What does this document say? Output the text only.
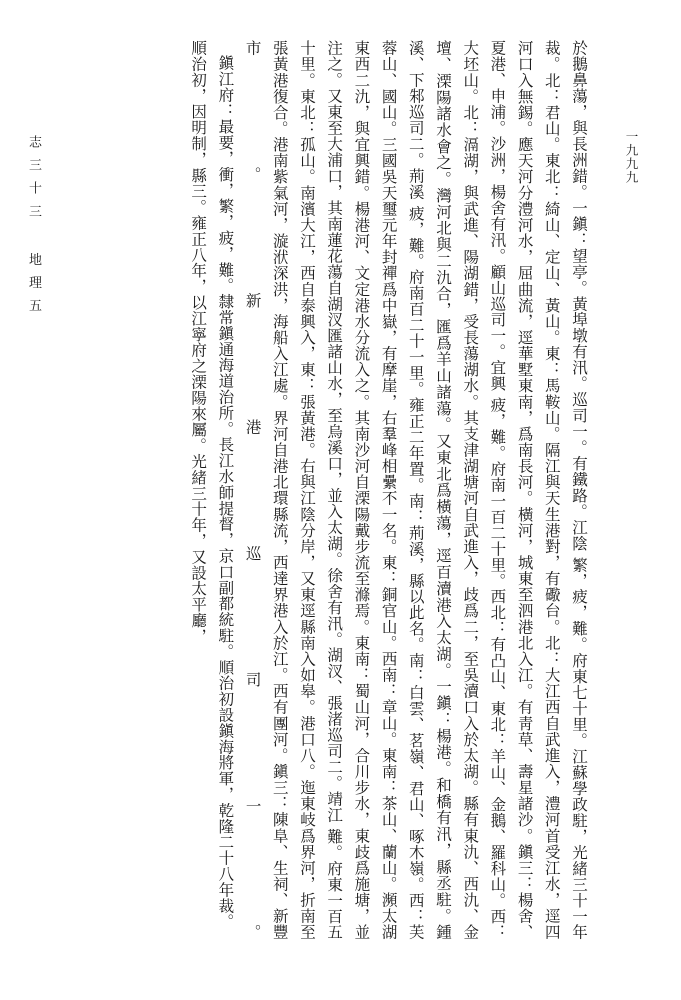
一九九九

於鵝鼻蕩，與長洲錯。一鎭：望亭。黃埠墩有汛。巡司一。有鐵路。江陰 繁，疲，難。府東七十里。江蘇學政駐，光緒三十一年裁。北：君山。東北：綺山、定山、黃山。東：馬鞍山。隔江與天生港對，有礮台。北：大江西自武進入，澧河首受江水，逕四河口入無錫。應天河分澧河水，屈曲流，逕華墅東南，爲南長河。橫河，城東至泗港北入江。有靑草、壽星諸沙。鎭三：楊舍、夏港、申浦。沙洲，楊舍有汛。顧山巡司一。宜興 疲，難。府南一百二十里。西北：有凸山、東北：羊山、金鵝、羅科山。西：大坯山。北：滆湖，與武進、陽湖錯，受長蕩湖水。其支津湖塘河自武進入，歧爲二，至吳瀆口入於太湖。縣有東氿、西氿、金壇、溧陽諸水會之。灣河北與二氿合，匯爲羊山諸蕩。又東北爲橫蕩，逕百瀆港入太湖。一鎭：楊港。和橋有汛，縣丞駐。鍾溪、下邾巡司二。荊溪 疲，難。府南百二十一里。雍正二年置。南：荊溪，縣以此名。南：白雲、茗嶺、君山、啄木嶺。西：芙蓉山、國山。三國吳天璽元年封禪爲中嶽，有摩崖，右羣峰相纍不一名。東：銅官山。西南：章山。東南：茶山、蘭山。瀕太湖東西二氿，與宜興錯。楊港河、文定港水分流入之。其南沙河自溧陽戴步流至滌焉。東南：蜀山河，合川步水，東歧爲施塘，並注之。又東至大浦口，其南蓮花蕩自湖汊匯諸山水，至烏溪口，並入太湖。徐舍有汛。湖汊、張渚巡司二。靖江 難。府東一百五十里。東北：孤山。南濱大江，西自泰興入，東：張黃港。右與江陰分岸，又東逕縣南入如皋。港口八。迤東岐爲界河，折南至張黃港復合。港南紫氣河，漩洑深洪，海船入江處。界河自港北環縣流，西達界港入於江。西有團河。鎭三：陳阜、生祠、新豐市。新港巡司一。

鎭江府：最要，衝，繁，疲，難。隸常鎭通海道治所。長江水師提督，京口副都統駐。順治初設鎭海將軍，乾隆二十八年裁。

順治初，因明制，縣三。雍正八年，以江寧府之溧陽來屬。光緒三十年，又設太平廳，

志 三 十 三　　地 理 五
